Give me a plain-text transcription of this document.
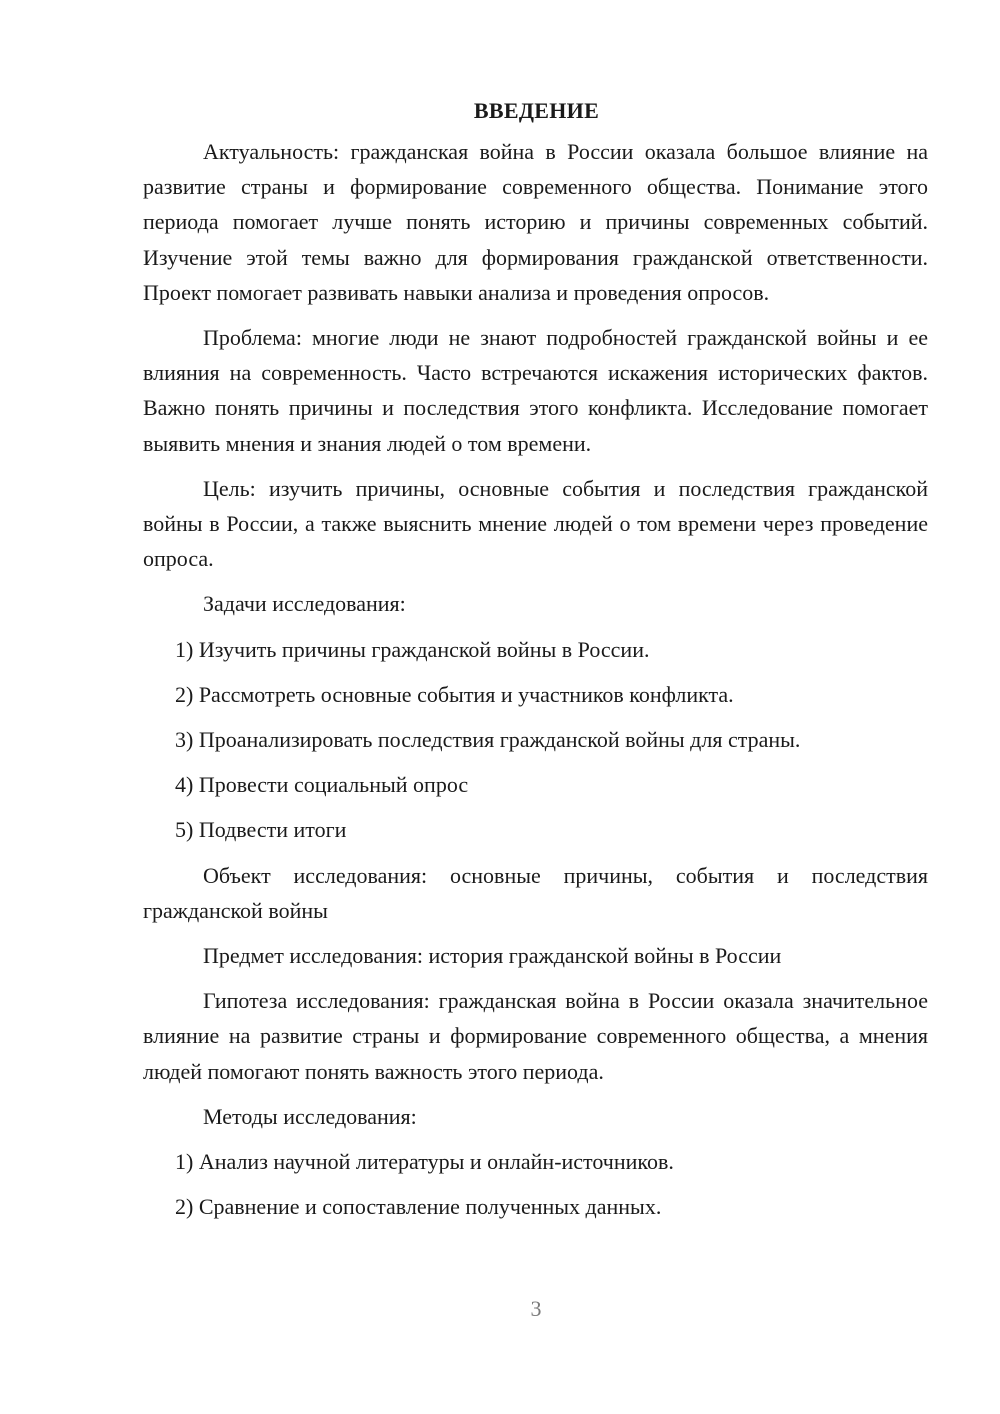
ВВЕДЕНИЕ

Актуальность: гражданская война в России оказала большое влияние на развитие страны и формирование современного общества. Понимание этого периода помогает лучше понять историю и причины современных событий. Изучение этой темы важно для формирования гражданской ответственности. Проект помогает развивать навыки анализа и проведения опросов.

Проблема: многие люди не знают подробностей гражданской войны и ее влияния на современность. Часто встречаются искажения исторических фактов. Важно понять причины и последствия этого конфликта. Исследование помогает выявить мнения и знания людей о том времени.

Цель: изучить причины, основные события и последствия гражданской войны в России, а также выяснить мнение людей о том времени через проведение опроса.

Задачи исследования:

1) Изучить причины гражданской войны в России.
2) Рассмотреть основные события и участников конфликта.
3) Проанализировать последствия гражданской войны для страны.
4) Провести социальный опрос
5) Подвести итоги

Объект исследования: основные причины, события и последствия гражданской войны

Предмет исследования: история гражданской войны в России

Гипотеза исследования: гражданская война в России оказала значительное влияние на развитие страны и формирование современного общества, а мнения людей помогают понять важность этого периода.

Методы исследования:

1) Анализ научной литературы и онлайн-источников.
2) Сравнение и сопоставление полученных данных.
3
